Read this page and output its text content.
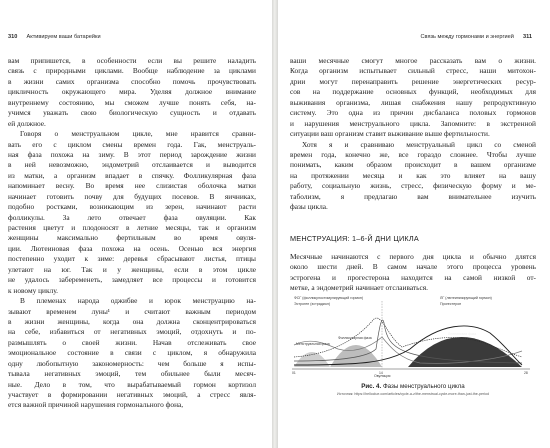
310 Активируем ваши батарейки
вам припишется, в особенности если вы решите наладить
связь с природными циклами. Вообще наблюдение за циклами
в жизни самих организма способно помочь прочувствовать
цикличность окружающего мира. Уделяя должное внимание
внутреннему состоянию, мы сможем лучше понять себя, на-
учимся уважать свою биологическую сущность и отдавать
ей должное.
Говоря о менструальном цикле, мне нравится сравни-
вать его с циклом смены времен года. Гак, менструаль-
ная фаза похожа на зиму. В этот период зарождение жизни
в ней невозможно, эндометрий отслаивается и выводится
из матки, а организм впадает в спячку. Фолликулярная фаза
напоминает весну. Во время нее слизистая оболочка матки
начинает готовить почву для будущих посевов. В яичниках,
подобно ростками, возникающим из зерен, начинают расти
фолликулы. За лето отвечает фаза овуляции. Как
растения цветут и плодоносят в летние месяцы, так и организм
женщины максимально фертильным во время овуля-
ции. Лютеиновая фаза похожа на осень. Осенью вся энергия
постепенно уходит к зиме: деревья сбрасывают листья, птицы
улетают на юг. Так и у женщины, если в этом цикле
не удалось забеременеть, замедляет все процессы и готовится
к новому циклу.
В племенах народа оджибве и юрок менструацию на-
зывают временем луны¹ и считают важным периодом
в жизни женщины, когда она должна сконцентрироваться
на себе, избавиться от негативных эмоций, отдохнуть и по-
размышлять о своей жизни. Начав отслеживать свое
эмоциональное состояние в связи с циклом, я обнаружила
одну любопытную закономерность: чем больше я испы-
тывала негативных эмоций, тем обильнее были месяч-
ные. Дело в том, что вырабатываемый гормон кортизол
участвует в формировании негативных эмоций, а стресс явля-
ется важной причиной нарушения гормонального фона,
Связь между гормонами и энергией 311
ваши месячные смогут многое рассказать вам о жизни.
Когда организм испытывает сильный стресс, наши митохон-
дрии могут перенаправить решение энергетических ресур-
сов на поддержание основных функций, необходимых для
выживания организма, лишая снабжения нашу репродуктивную
систему. Это одна из причин дисбаланса половых гормонов
и нарушения менструального цикла. Запомните: в экстренной
ситуации ваш организм ставит выживание выше фертильности.
Хотя я и сравниваю менструальный цикл со сменой
времен года, конечно же, все гораздо сложнее. Чтобы лучше
понимать, каким образом происходит в вашем организме
на протяжении месяца и как это влияет на вашу
работу, социальную жизнь, стресс, физическую форму и ме-
таболизм, я предлагаю вам внимательнее изучить
фазы цикла.
МЕНСТРУАЦИЯ: 1–6-Й ДНИ ЦИКЛА
Месячные начинаются с первого дня цикла и обычно длятся
около шести дней. В самом начале этого процесса уровень
эстрогена и прогестерона находится на самой низкой от-
метке, а эндометрий начинает отслаиваться.
ФСГ (фолликулостимулирующий гормон)
Эстроген (эстрадиол)
ЛГ (лютеинизирующий гормон)
Прогестерон
Менструальная фаза
Фолликулярная фаза
Лютеиновая фаза
Овуляция
01	14	28
Рис. 4. Фазы менструального цикла
Источник: https://helloclue.com/articles/cycle-a-z/the-menstrual-cycle-more-than-just-the-period
